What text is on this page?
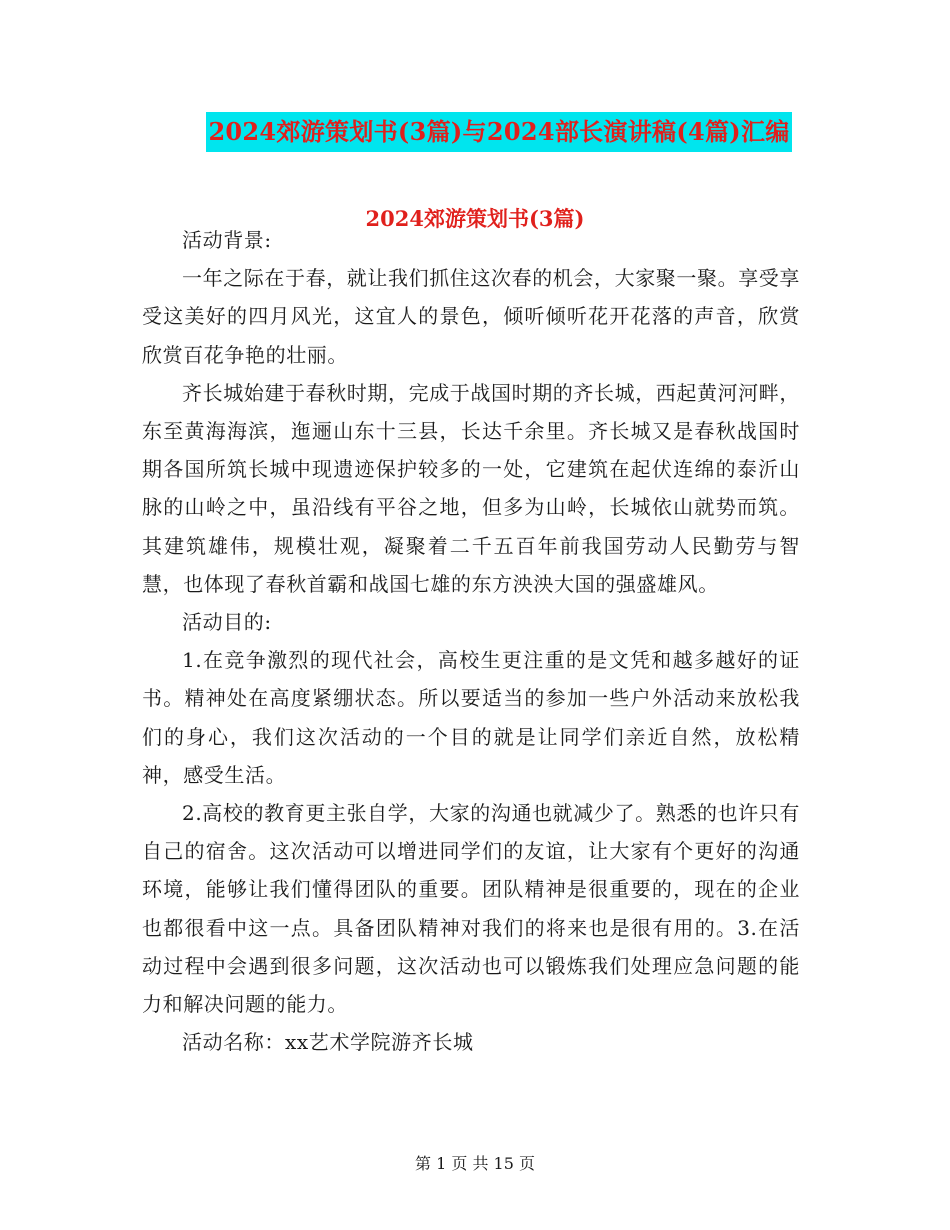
2024郊游策划书(3篇)与2024部长演讲稿(4篇)汇编
2024郊游策划书(3篇)

活动背景:

一年之际在于春，就让我们抓住这次春的机会，大家聚一聚。享受享受这美好的四月风光，这宜人的景色，倾听倾听花开花落的声音，欣赏欣赏百花争艳的壮丽。

齐长城始建于春秋时期，完成于战国时期的齐长城，西起黄河河畔，东至黄海海滨，迤逦山东十三县，长达千余里。齐长城又是春秋战国时期各国所筑长城中现遗迹保护较多的一处，它建筑在起伏连绵的泰沂山脉的山岭之中，虽沿线有平谷之地，但多为山岭，长城依山就势而筑。其建筑雄伟，规模壮观，凝聚着二千五百年前我国劳动人民勤劳与智慧，也体现了春秋首霸和战国七雄的东方泱泱大国的强盛雄风。

活动目的:

1.在竞争激烈的现代社会，高校生更注重的是文凭和越多越好的证书。精神处在高度紧绷状态。所以要适当的参加一些户外活动来放松我们的身心，我们这次活动的一个目的就是让同学们亲近自然，放松精神，感受生活。

2.高校的教育更主张自学，大家的沟通也就减少了。熟悉的也许只有自己的宿舍。这次活动可以增进同学们的友谊，让大家有个更好的沟通环境，能够让我们懂得团队的重要。团队精神是很重要的，现在的企业也都很看中这一点。具备团队精神对我们的将来也是很有用的。3.在活动过程中会遇到很多问题，这次活动也可以锻炼我们处理应急问题的能力和解决问题的能力。

活动名称：xx艺术学院游齐长城

第 1 页 共 15 页
